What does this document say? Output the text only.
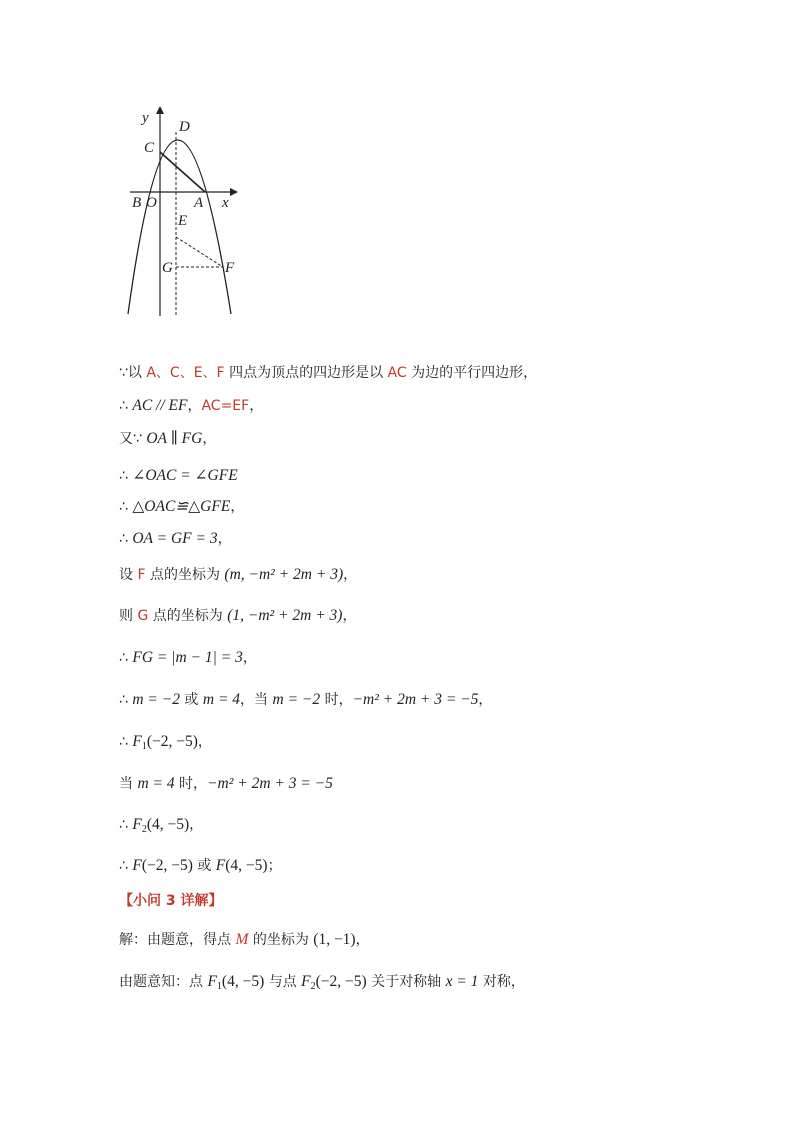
y
D
C
B O A x
E
G	F
∵以 A、C、E、F 四点为顶点的四边形是以 AC 为边的平行四边形，
∴ AC // EF，AC=EF，
又∵ OA ∥ FG，
∴ ∠OAC = ∠GFE
∴ △OAC≌△GFE，
∴ OA = GF = 3，
设 F 点的坐标为 (m, −m² + 2m + 3)，
则 G 点的坐标为 (1, −m² + 2m + 3)，
∴ FG = |m − 1| = 3，
∴ m = −2 或 m = 4，当 m = −2 时，−m² + 2m + 3 = −5，
∴ $F_1(-2$, −5)，
当 m = 4 时，−m² + 2m + 3 = −5
∴ $F_2(4$, −5)，
∴ F(−2, −5) 或 F(4, −5)；
【小问 3 详解】
解：由题意，得点 M 的坐标为 (1, −1)，
由题意知：点 $F_1(4$, −5) 与点 $F_2(-2$, −5) 关于对称轴 x = 1 对称，
